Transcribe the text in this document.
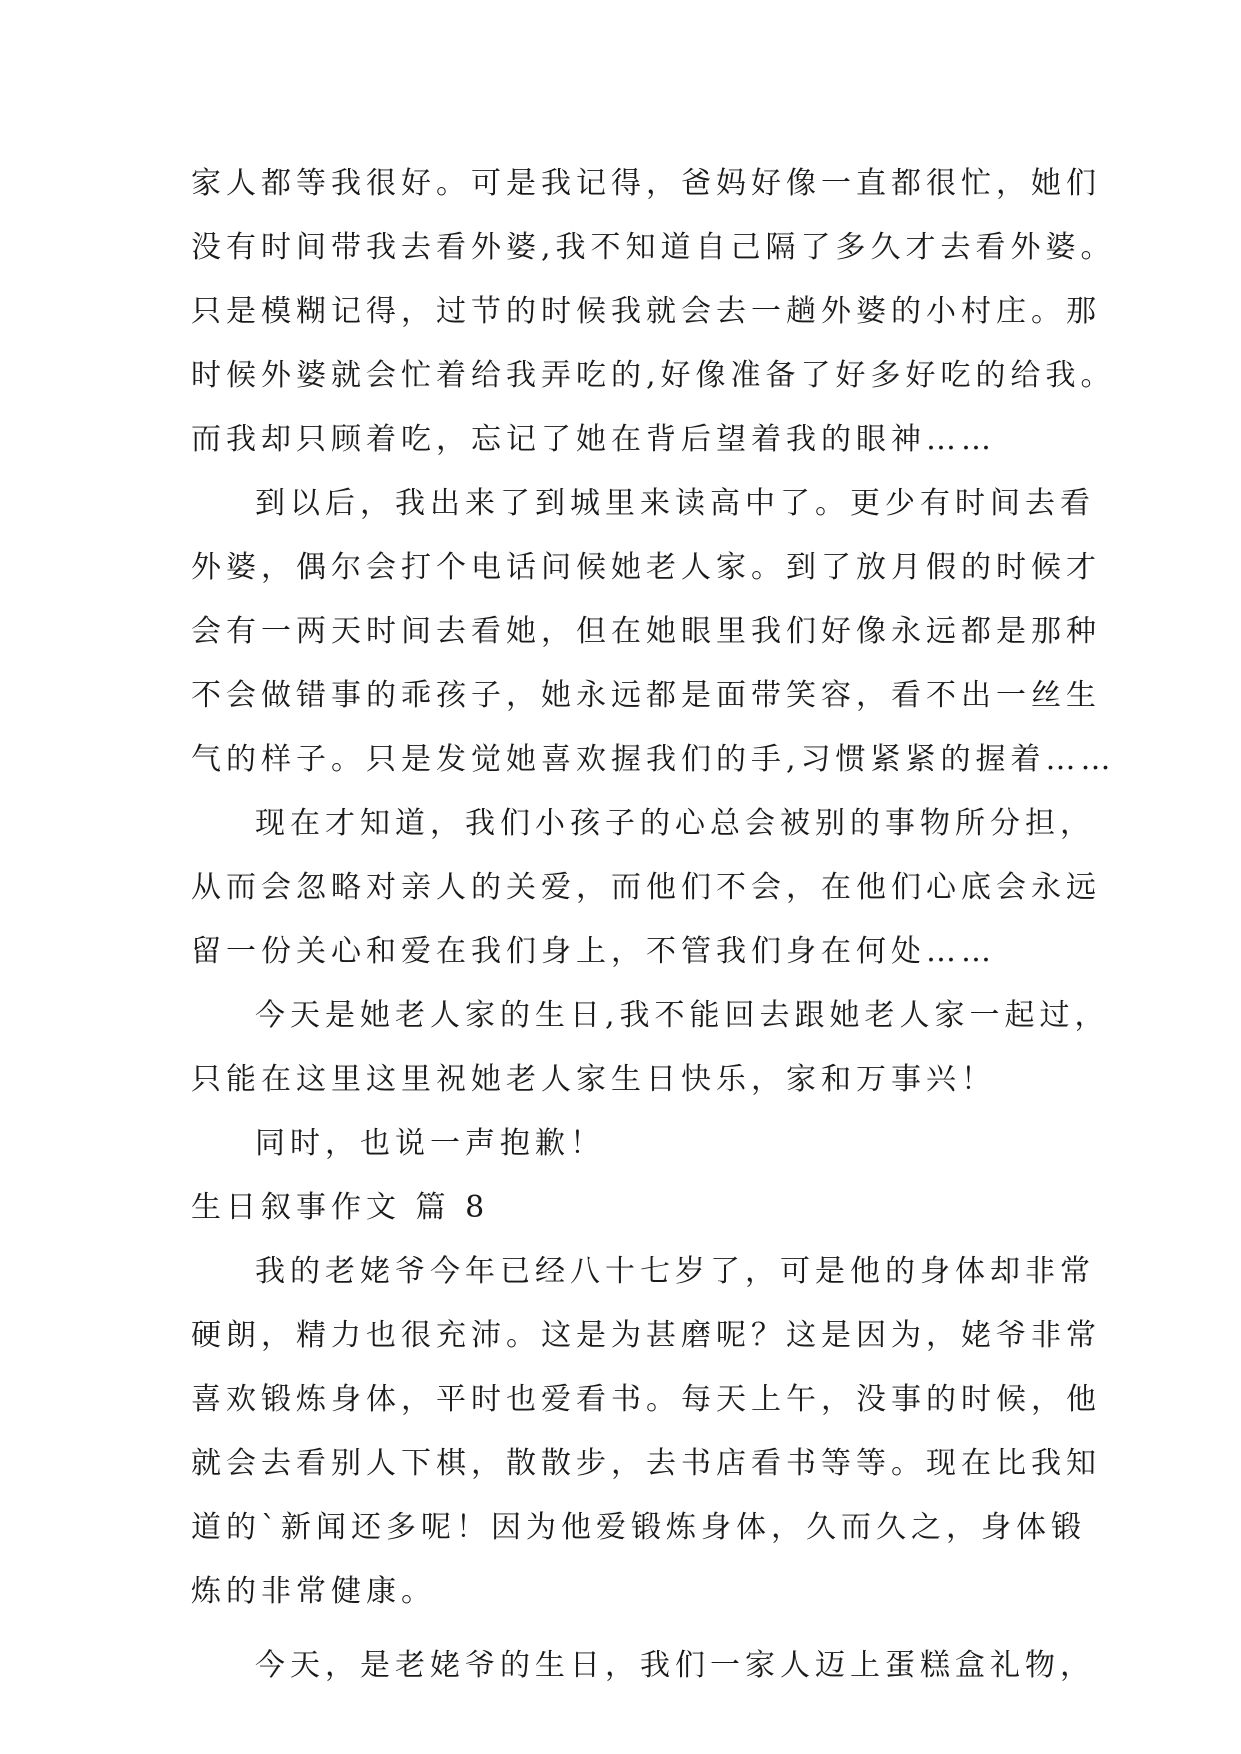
家人都等我很好。可是我记得，爸妈好像一直都很忙，她们
没有时间带我去看外婆,我不知道自己隔了多久才去看外婆。
只是模糊记得，过节的时候我就会去一趟外婆的小村庄。那
时候外婆就会忙着给我弄吃的,好像准备了好多好吃的给我。
而我却只顾着吃，忘记了她在背后望着我的眼神……
到以后，我出来了到城里来读高中了。更少有时间去看
外婆，偶尔会打个电话问候她老人家。到了放月假的时候才
会有一两天时间去看她，但在她眼里我们好像永远都是那种
不会做错事的乖孩子，她永远都是面带笑容，看不出一丝生
气的样子。只是发觉她喜欢握我们的手,习惯紧紧的握着……
现在才知道，我们小孩子的心总会被别的事物所分担，
从而会忽略对亲人的关爱，而他们不会，在他们心底会永远
留一份关心和爱在我们身上，不管我们身在何处……
今天是她老人家的生日,我不能回去跟她老人家一起过，
只能在这里这里祝她老人家生日快乐，家和万事兴！
同时，也说一声抱歉！
生日叙事作文 篇 8
我的老姥爷今年已经八十七岁了，可是他的身体却非常
硬朗，精力也很充沛。这是为甚磨呢？这是因为，姥爷非常
喜欢锻炼身体，平时也爱看书。每天上午，没事的时候，他
就会去看别人下棋，散散步，去书店看书等等。现在比我知
道的`新闻还多呢！因为他爱锻炼身体，久而久之，身体锻
炼的非常健康。
今天，是老姥爷的生日，我们一家人迈上蛋糕盒礼物，
